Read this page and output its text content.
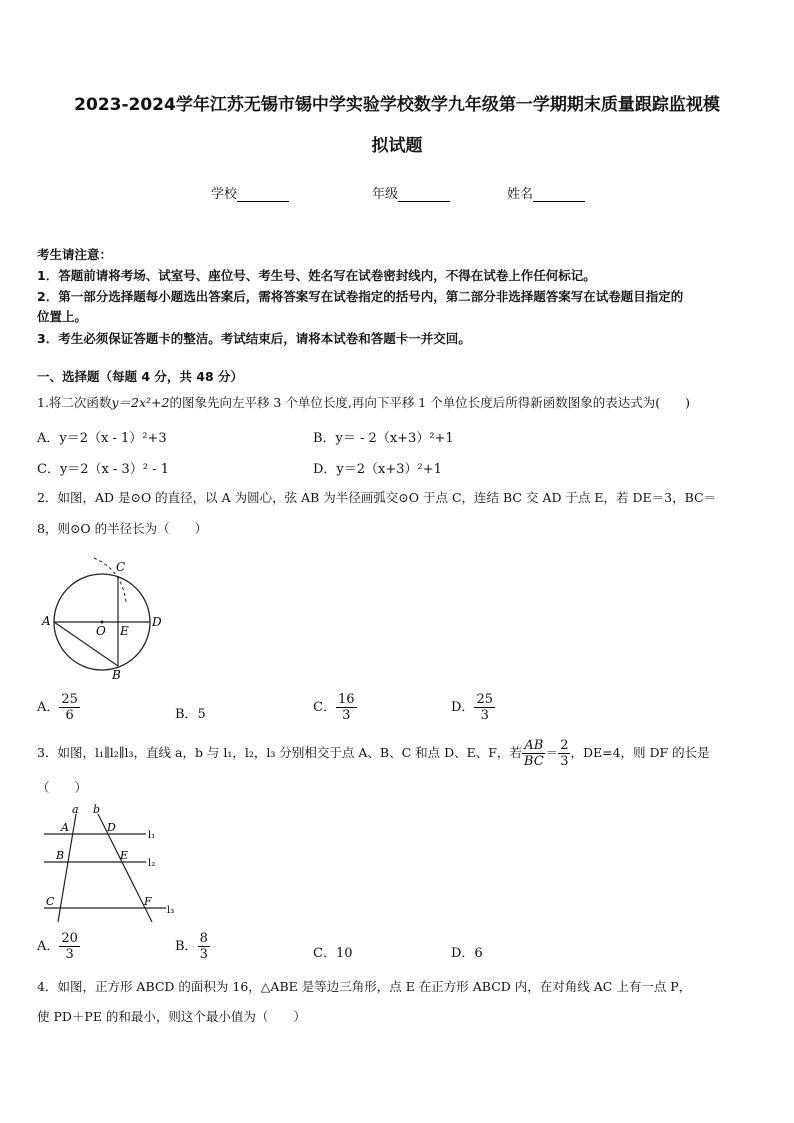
2023-2024学年江苏无锡市锡中学实验学校数学九年级第一学期期末质量跟踪监视模
拟试题
学校	年级	姓名
考生请注意：
1．答题前请将考场、试室号、座位号、考生号、姓名写在试卷密封线内，不得在试卷上作任何标记。
2．第一部分选择题每小题选出答案后，需将答案写在试卷指定的括号内，第二部分非选择题答案写在试卷题目指定的
位置上。
3．考生必须保证答题卡的整洁。考试结束后，请将本试卷和答题卡一并交回。
一、选择题（每题 4 分，共 48 分）
1.将二次函数y＝2x²+2的图象先向左平移 3 个单位长度,再向下平移 1 个单位长度后所得新函数图象的表达式为(　　)
A．y＝2（x - 1）²+3	B．y＝ - 2（x+3）²+1
C．y＝2（x - 3）² - 1	D．y＝2（x+3）²+1
2．如图，AD 是⊙O 的直径，以 A 为圆心，弦 AB 为半径画弧交⊙O 于点 C，连结 BC 交 AD 于点 E，若 DE＝3，BC＝
8，则⊙O 的半径长为（　　）
A
O E
D
C
B
A． $\frac{25}{6}$	B．5	C． $\frac{16}{3}$	D． $\frac{25}{3}$
3．如图，l₁∥l₂∥l₃，直线 a，b 与 l₁，l₂，l₃ 分别相交于点 A、B、C 和点 D、E、F，若 $\frac{AB}{BC} = \frac{2}{3}$ ，DE=4，则 DF 的长是
（　　）
a b
A	D
l₁
B	E
l₂
C	F
l₃
A． $\frac{20}{3}$	B． $\frac{8}{3}$	C．10	D．6
4．如图，正方形 ABCD 的面积为 16，△ABE 是等边三角形，点 E 在正方形 ABCD 内，在对角线 AC 上有一点 P，
使 PD＋PE 的和最小，则这个最小值为（　　）
